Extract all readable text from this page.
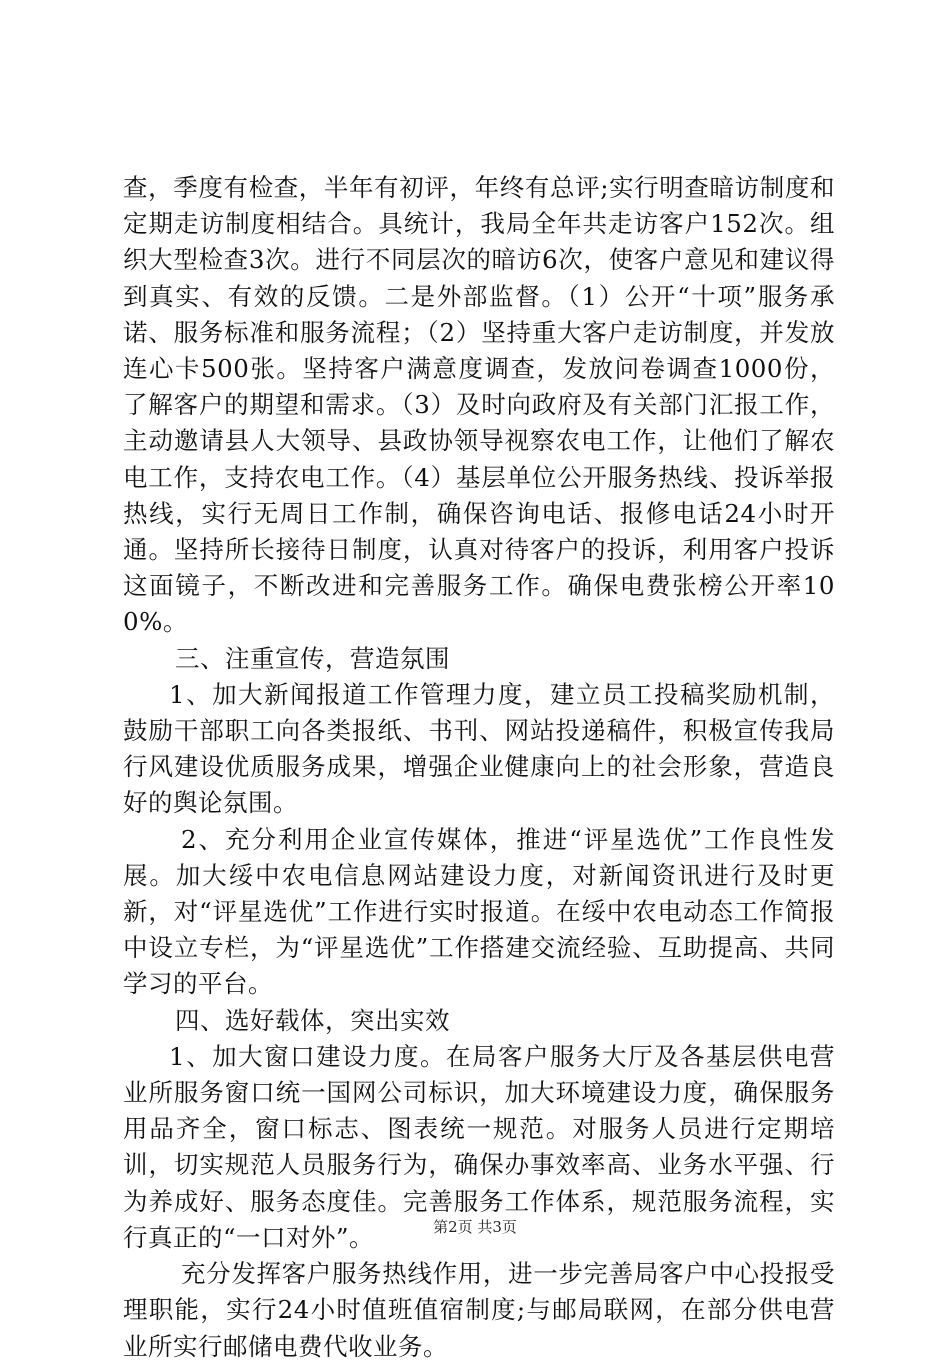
查，季度有检查，半年有初评，年终有总评;实行明查暗访制度和定期走访制度相结合。具统计，我局全年共走访客户152次。组织大型检查3次。进行不同层次的暗访6次，使客户意见和建议得到真实、有效的反馈。二是外部监督。（1）公开“十项”服务承诺、服务标准和服务流程；（2）坚持重大客户走访制度，并发放连心卡500张。坚持客户满意度调查，发放问卷调查1000份，了解客户的期望和需求。（3）及时向政府及有关部门汇报工作，主动邀请县人大领导、县政协领导视察农电工作，让他们了解农电工作，支持农电工作。（4）基层单位公开服务热线、投诉举报热线，实行无周日工作制，确保咨询电话、报修电话24小时开通。坚持所长接待日制度，认真对待客户的投诉，利用客户投诉这面镜子，不断改进和完善服务工作。确保电费张榜公开率100%。

三、注重宣传，营造氛围

1、加大新闻报道工作管理力度，建立员工投稿奖励机制，鼓励干部职工向各类报纸、书刊、网站投递稿件，积极宣传我局行风建设优质服务成果，增强企业健康向上的社会形象，营造良好的舆论氛围。

2、充分利用企业宣传媒体，推进“评星选优”工作良性发展。加大绥中农电信息网站建设力度，对新闻资讯进行及时更新，对“评星选优”工作进行实时报道。在绥中农电动态工作简报中设立专栏，为“评星选优”工作搭建交流经验、互助提高、共同学习的平台。

四、选好载体，突出实效

1、加大窗口建设力度。在局客户服务大厅及各基层供电营业所服务窗口统一国网公司标识，加大环境建设力度，确保服务用品齐全，窗口标志、图表统一规范。对服务人员进行定期培训，切实规范人员服务行为，确保办事效率高、业务水平强、行为养成好、服务态度佳。完善服务工作体系，规范服务流程，实行真正的“一口对外”。

充分发挥客户服务热线作用，进一步完善局客户中心投报受理职能，实行24小时值班值宿制度;与邮局联网，在部分供电营业所实行邮储电费代收业务。

第2页 共3页
